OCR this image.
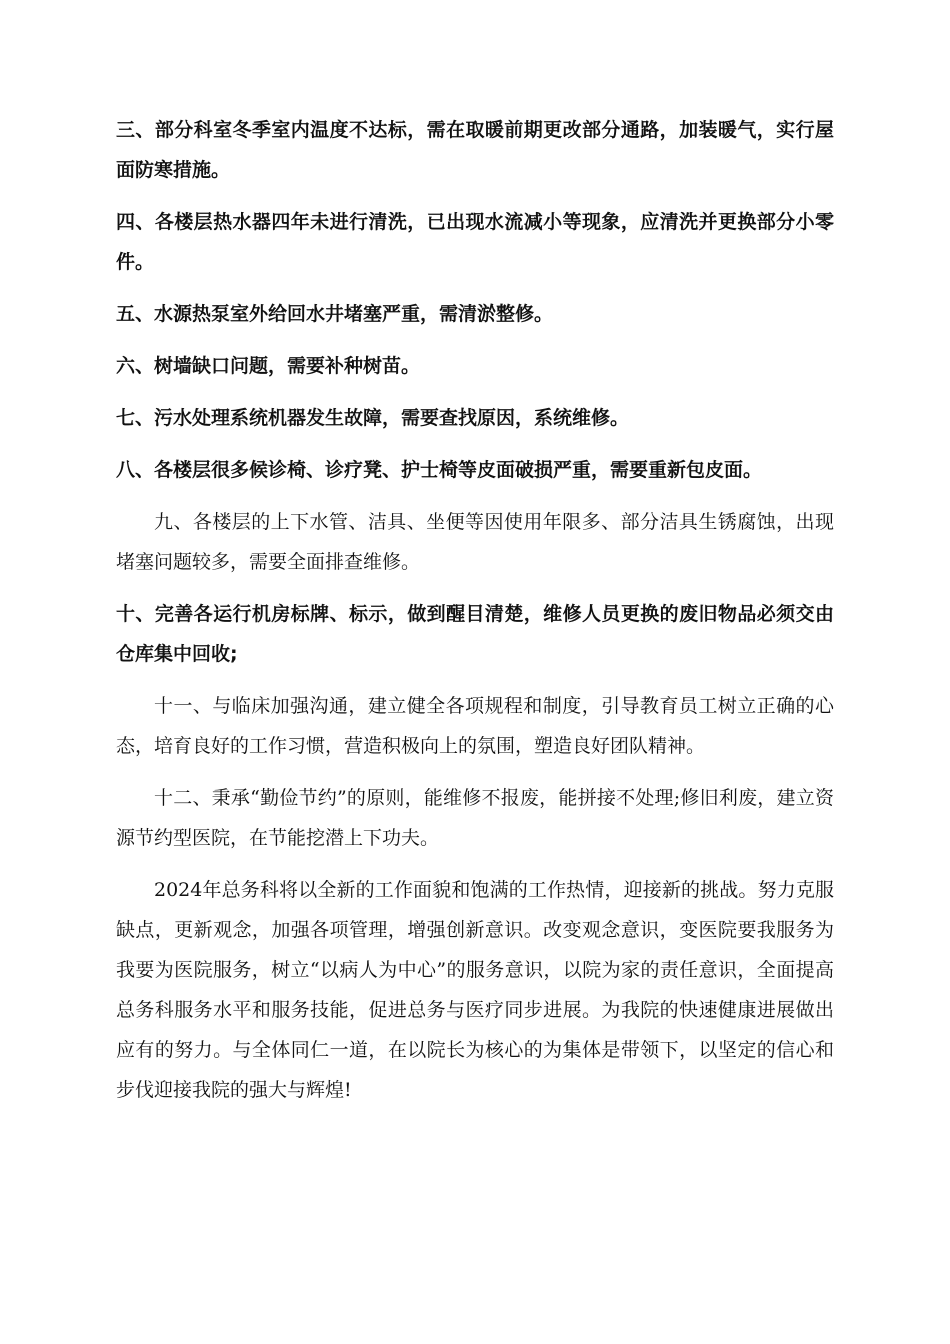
三、部分科室冬季室内温度不达标，需在取暖前期更改部分通路，加装暖气，实行屋面防寒措施。

四、各楼层热水器四年未进行清洗，已出现水流减小等现象，应清洗并更换部分小零件。

五、水源热泵室外给回水井堵塞严重，需清淤整修。

六、树墙缺口问题，需要补种树苗。

七、污水处理系统机器发生故障，需要查找原因，系统维修。

八、各楼层很多候诊椅、诊疗凳、护士椅等皮面破损严重，需要重新包皮面。

九、各楼层的上下水管、洁具、坐便等因使用年限多、部分洁具生锈腐蚀，出现堵塞问题较多，需要全面排查维修。

十、完善各运行机房标牌、标示，做到醒目清楚，维修人员更换的废旧物品必须交由仓库集中回收;

十一、与临床加强沟通，建立健全各项规程和制度，引导教育员工树立正确的心态，培育良好的工作习惯，营造积极向上的氛围，塑造良好团队精神。

十二、秉承“勤俭节约”的原则，能维修不报废，能拼接不处理;修旧利废，建立资源节约型医院，在节能挖潜上下功夫。

2024年总务科将以全新的工作面貌和饱满的工作热情，迎接新的挑战。努力克服缺点，更新观念，加强各项管理，增强创新意识。改变观念意识，变医院要我服务为我要为医院服务，树立“以病人为中心”的服务意识，以院为家的责任意识，全面提高总务科服务水平和服务技能，促进总务与医疗同步进展。为我院的快速健康进展做出应有的努力。与全体同仁一道，在以院长为核心的为集体是带领下，以坚定的信心和步伐迎接我院的强大与辉煌!
